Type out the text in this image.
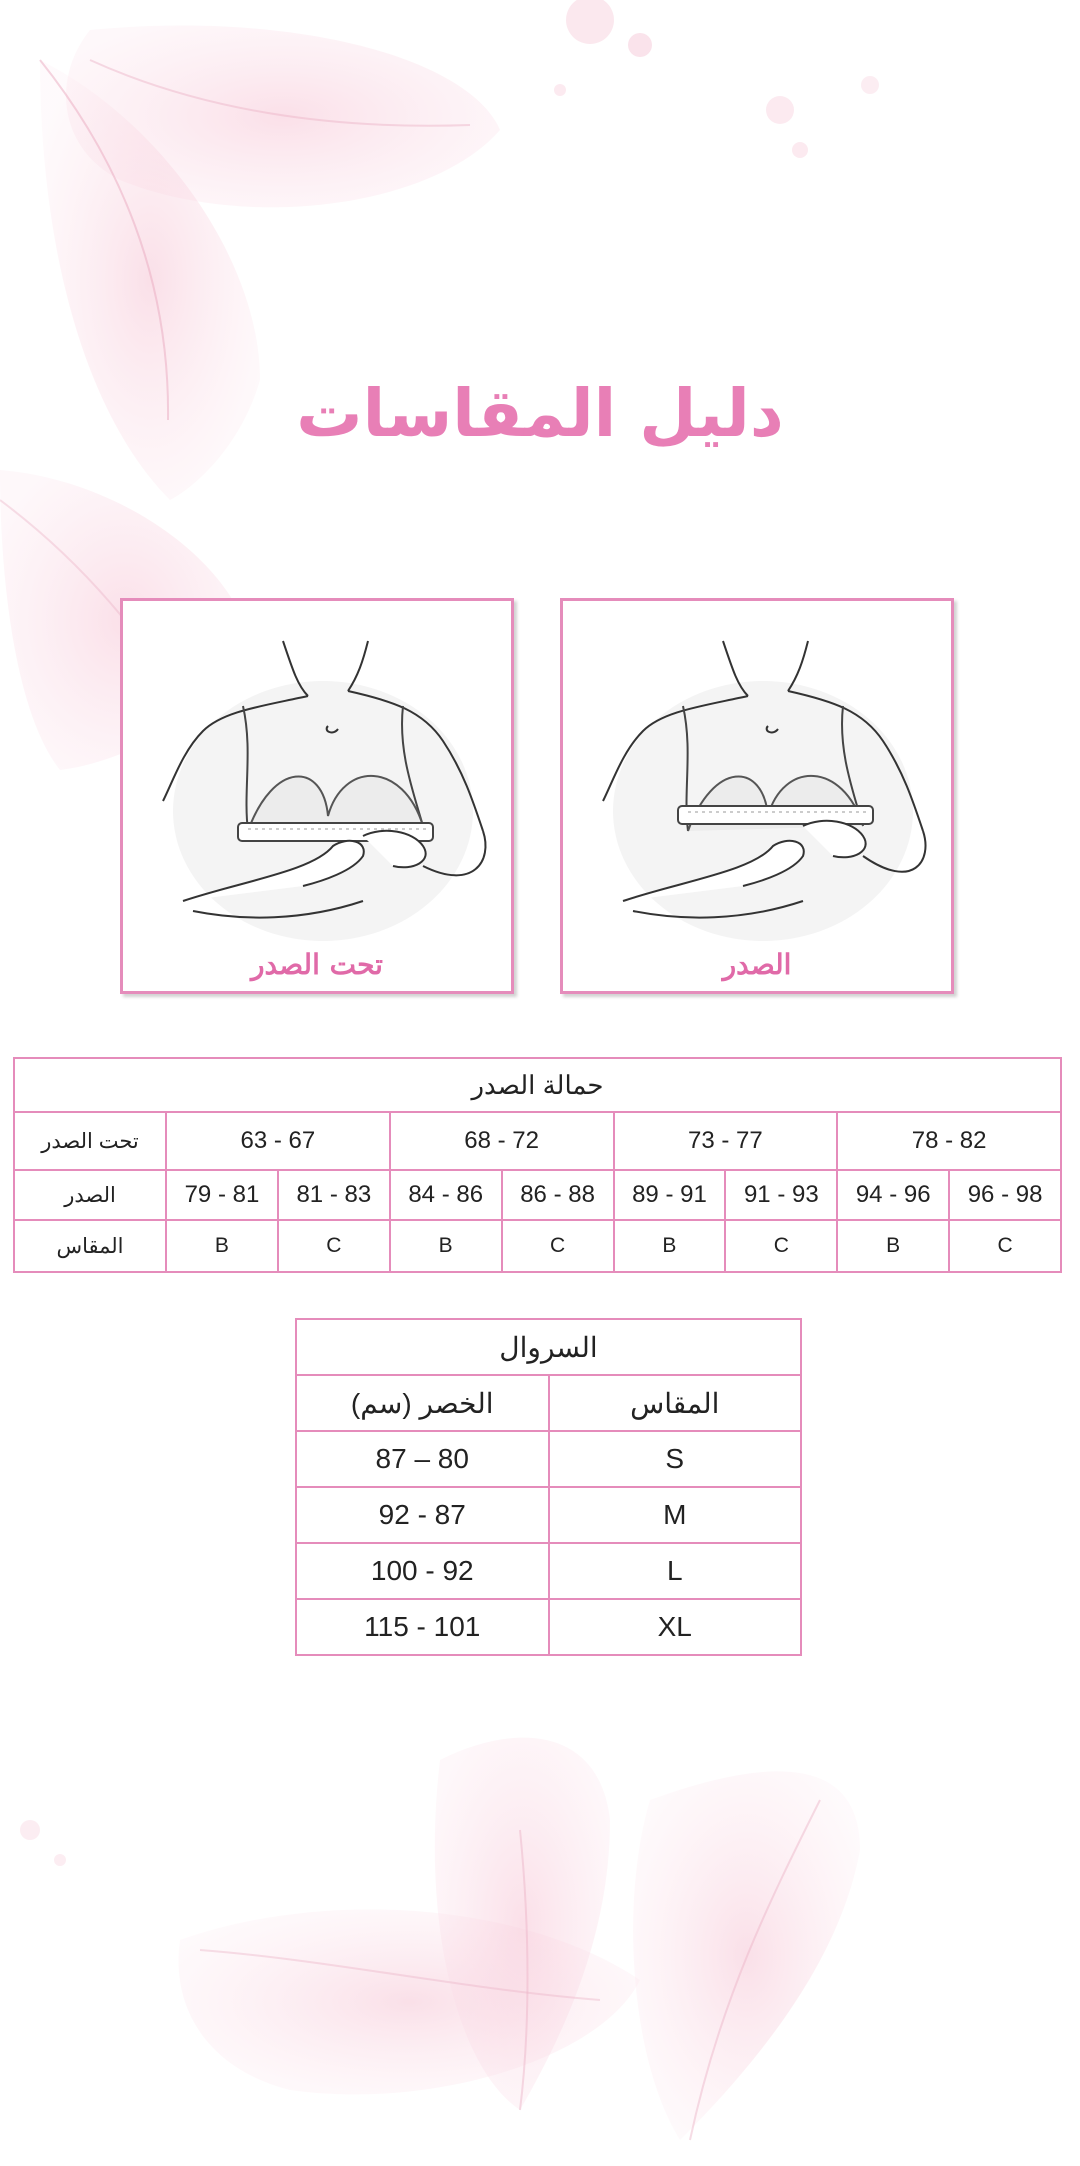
دليل المقاسات
تحت الصدر	الصدر
حمالة الصدر								
تحت الصدر	63 - 67		68 - 72		73 - 77		78 - 82	
الصدر	79 - 81	81 - 83	84 - 86	86 - 88	89 - 91	91 - 93	94 - 96	96 - 98
المقاس	B	C	B	C	B	C	B	C
السروال	
الخصر (سم)	المقاس
87 – 80	S
92 - 87	M
100 - 92	L
115 - 101	XL
